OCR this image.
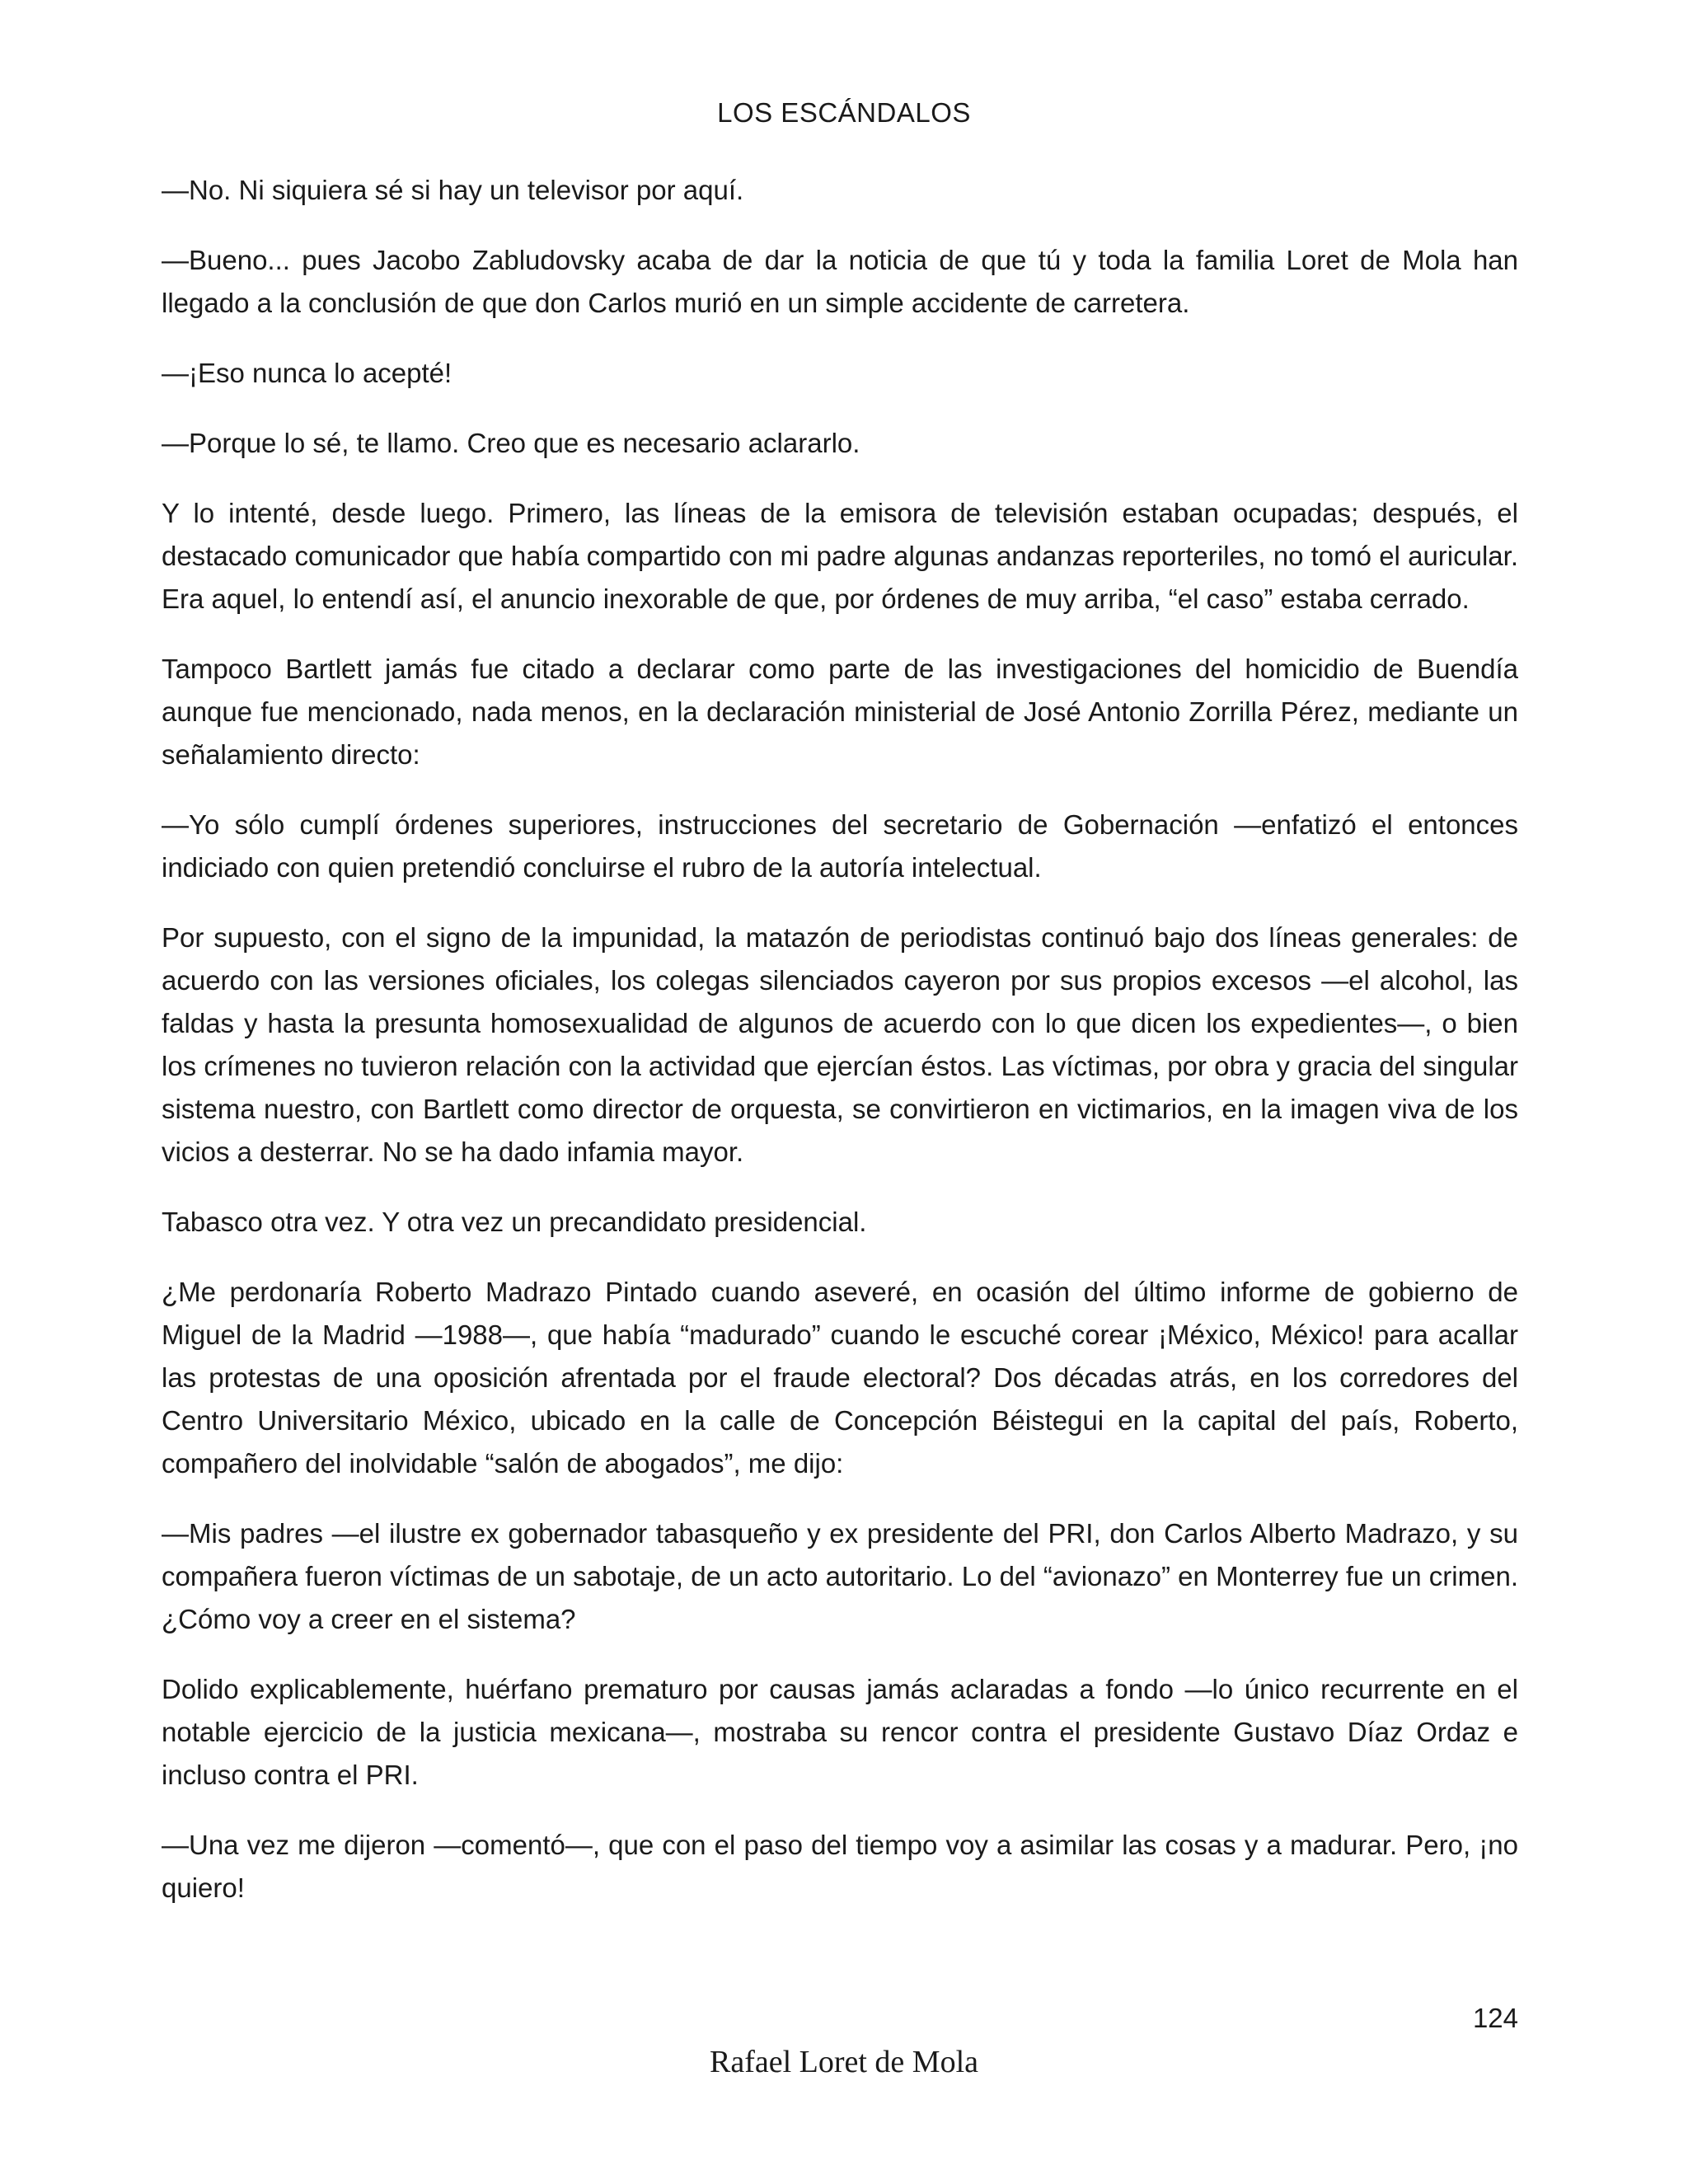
LOS ESCÁNDALOS

—No. Ni siquiera sé si hay un televisor por aquí.

—Bueno... pues Jacobo Zabludovsky acaba de dar la noticia de que tú y toda la familia Loret de Mola han llegado a la conclusión de que don Carlos murió en un simple accidente de carretera.

—¡Eso nunca lo acepté!

—Porque lo sé, te llamo. Creo que es necesario aclararlo.

Y lo intenté, desde luego. Primero, las líneas de la emisora de televisión estaban ocupadas; después, el destacado comunicador que había compartido con mi padre algunas andanzas reporteriles, no tomó el auricular. Era aquel, lo entendí así, el anuncio inexorable de que, por órdenes de muy arriba, “el caso” estaba cerrado.

Tampoco Bartlett jamás fue citado a declarar como parte de las investigaciones del homicidio de Buendía aunque fue mencionado, nada menos, en la declaración ministerial de José Antonio Zorrilla Pérez, mediante un señalamiento directo:

—Yo sólo cumplí órdenes superiores, instrucciones del secretario de Gobernación —enfatizó el entonces indiciado con quien pretendió concluirse el rubro de la autoría intelectual.

Por supuesto, con el signo de la impunidad, la matazón de periodistas continuó bajo dos líneas generales: de acuerdo con las versiones oficiales, los colegas silenciados cayeron por sus propios excesos —el alcohol, las faldas y hasta la presunta homosexualidad de algunos de acuerdo con lo que dicen los expedientes—, o bien los crímenes no tuvieron relación con la actividad que ejercían éstos. Las víctimas, por obra y gracia del singular sistema nuestro, con Bartlett como director de orquesta, se convirtieron en victimarios, en la imagen viva de los vicios a desterrar. No se ha dado infamia mayor.

Tabasco otra vez. Y otra vez un precandidato presidencial.

¿Me perdonaría Roberto Madrazo Pintado cuando aseveré, en ocasión del último informe de gobierno de Miguel de la Madrid —1988—, que había “madurado” cuando le escuché corear ¡México, México! para acallar las protestas de una oposición afrentada por el fraude electoral? Dos décadas atrás, en los corredores del Centro Universitario México, ubicado en la calle de Concepción Béistegui en la capital del país, Roberto, compañero del inolvidable “salón de abogados”, me dijo:

—Mis padres —el ilustre ex gobernador tabasqueño y ex presidente del PRI, don Carlos Alberto Madrazo, y su compañera fueron víctimas de un sabotaje, de un acto autoritario. Lo del “avionazo” en Monterrey fue un crimen. ¿Cómo voy a creer en el sistema?

Dolido explicablemente, huérfano prematuro por causas jamás aclaradas a fondo —lo único recurrente en el notable ejercicio de la justicia mexicana—, mostraba su rencor contra el presidente Gustavo Díaz Ordaz e incluso contra el PRI.

—Una vez me dijeron —comentó—, que con el paso del tiempo voy a asimilar las cosas y a madurar. Pero, ¡no quiero!

124
Rafael Loret de Mola
